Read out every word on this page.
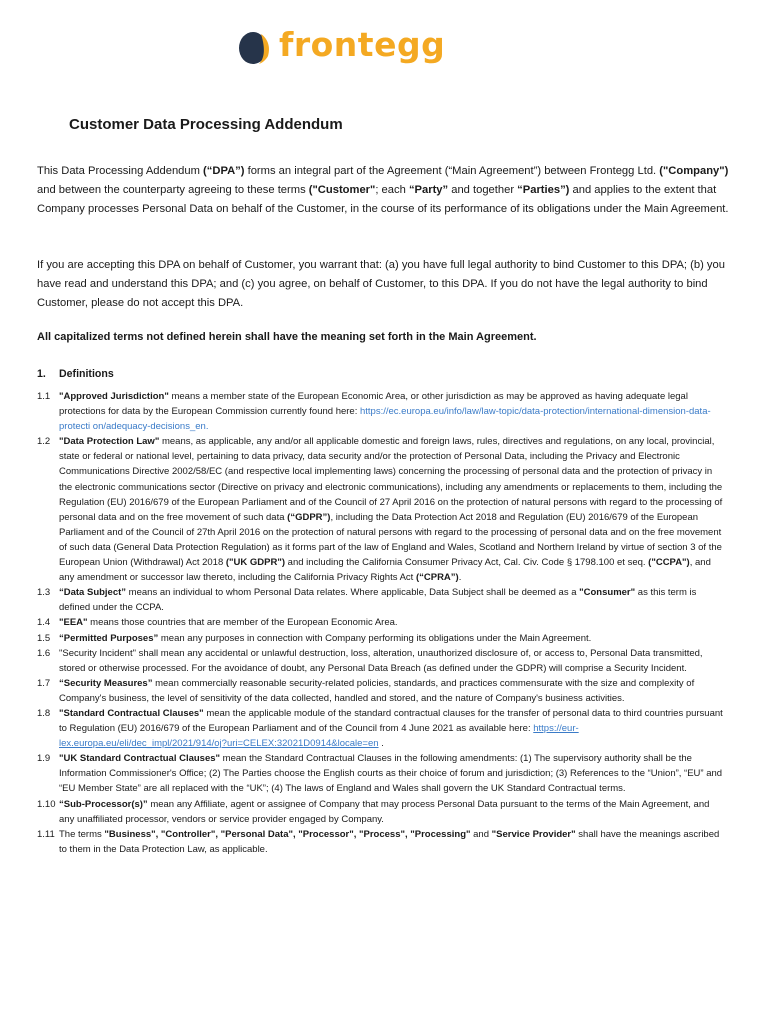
frontegg
Customer Data Processing Addendum

This Data Processing Addendum (“DPA”) forms an integral part of the Agreement (“Main Agreement”) between Frontegg Ltd. ("Company") and between the counterparty agreeing to these terms ("Customer"; each “Party” and together “Parties”) and applies to the extent that Company processes Personal Data on behalf of the Customer, in the course of its performance of its obligations under the Main Agreement.

If you are accepting this DPA on behalf of Customer, you warrant that: (a) you have full legal authority to bind Customer to this DPA; (b) you have read and understand this DPA; and (c) you agree, on behalf of Customer, to this DPA. If you do not have the legal authority to bind Customer, please do not accept this DPA.

All capitalized terms not defined herein shall have the meaning set forth in the Main Agreement.
1. Definitions
1.1 "Approved Jurisdiction" means a member state of the European Economic Area, or other jurisdiction as may be approved as having adequate legal protections for data by the European Commission currently found here: https://ec.europa.eu/info/law/law-topic/data-protection/international-dimension-data-protecti on/adequacy-decisions_en.
1.2 "Data Protection Law" means, as applicable, any and/or all applicable domestic and foreign laws, rules, directives and regulations, on any local, provincial, state or federal or national level, pertaining to data privacy, data security and/or the protection of Personal Data, including the Privacy and Electronic Communications Directive 2002/58/EC (and respective local implementing laws) concerning the processing of personal data and the protection of privacy in the electronic communications sector (Directive on privacy and electronic communications), including any amendments or replacements to them, including the Regulation (EU) 2016/679 of the European Parliament and of the Council of 27 April 2016 on the protection of natural persons with regard to the processing of personal data and on the free movement of such data (“GDPR”), including the Data Protection Act 2018 and Regulation (EU) 2016/679 of the European Parliament and of the Council of 27th April 2016 on the protection of natural persons with regard to the processing of personal data and on the free movement of such data (General Data Protection Regulation) as it forms part of the law of England and Wales, Scotland and Northern Ireland by virtue of section 3 of the European Union (Withdrawal) Act 2018 ("UK GDPR") and including the California Consumer Privacy Act, Cal. Civ. Code § 1798.100 et seq. ("CCPA"), and any amendment or successor law thereto, including the California Privacy Rights Act (“CPRA”).
1.3 “Data Subject” means an individual to whom Personal Data relates. Where applicable, Data Subject shall be deemed as a "Consumer" as this term is defined under the CCPA.
1.4 "EEA" means those countries that are member of the European Economic Area.
1.5 “Permitted Purposes” mean any purposes in connection with Company performing its obligations under the Main Agreement.
1.6 "Security Incident" shall mean any accidental or unlawful destruction, loss, alteration, unauthorized disclosure of, or access to, Personal Data transmitted, stored or otherwise processed. For the avoidance of doubt, any Personal Data Breach (as defined under the GDPR) will comprise a Security Incident.
1.7 “Security Measures” mean commercially reasonable security-related policies, standards, and practices commensurate with the size and complexity of Company's business, the level of sensitivity of the data collected, handled and stored, and the nature of Company's business activities.
1.8 "Standard Contractual Clauses" mean the applicable module of the standard contractual clauses for the transfer of personal data to third countries pursuant to Regulation (EU) 2016/679 of the European Parliament and of the Council from 4 June 2021 as available here: https://eur-lex.europa.eu/eli/dec_impl/2021/914/oj?uri=CELEX:32021D0914&locale=en .
1.9 "UK Standard Contractual Clauses" mean the Standard Contractual Clauses in the following amendments: (1) The supervisory authority shall be the Information Commissioner's Office; (2) The Parties choose the English courts as their choice of forum and jurisdiction; (3) References to the “Union”, “EU” and “EU Member State” are all replaced with the “UK”; (4) The laws of England and Wales shall govern the UK Standard Contractual terms.
1.10 “Sub-Processor(s)” mean any Affiliate, agent or assignee of Company that may process Personal Data pursuant to the terms of the Main Agreement, and any unaffiliated processor, vendors or service provider engaged by Company.
1.11 The terms "Business", "Controller", "Personal Data", "Processor", "Process", "Processing" and "Service Provider" shall have the meanings ascribed to them in the Data Protection Law, as applicable.
